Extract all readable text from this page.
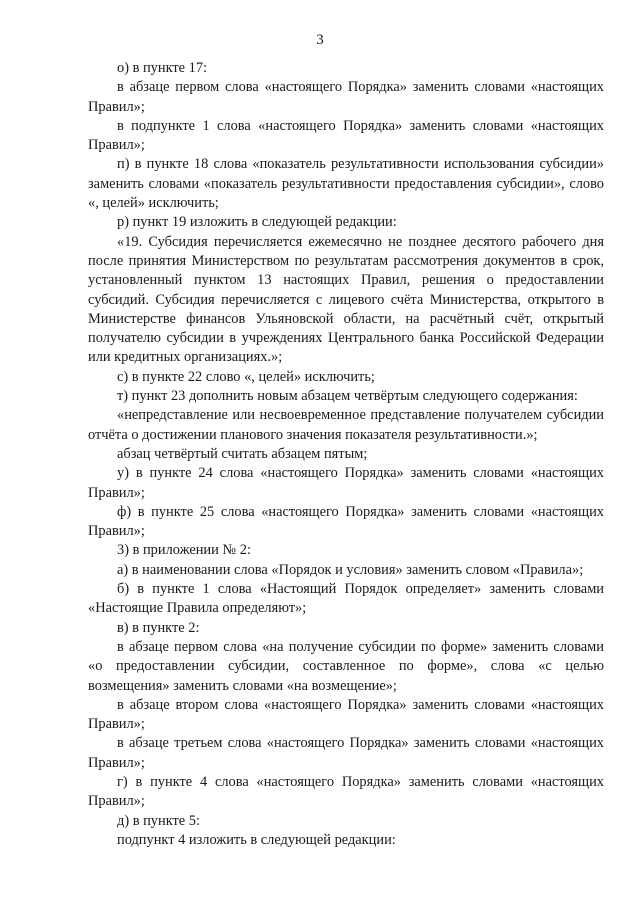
3

о) в пункте 17:

в абзаце первом слова «настоящего Порядка» заменить словами «настоящих Правил»;

в подпункте 1 слова «настоящего Порядка» заменить словами «настоящих Правил»;

п) в пункте 18 слова «показатель результативности использования субсидии» заменить словами «показатель результативности предоставления субсидии», слово «, целей» исключить;

р) пункт 19 изложить в следующей редакции:

«19. Субсидия перечисляется ежемесячно не позднее десятого рабочего дня после принятия Министерством по результатам рассмотрения документов в срок, установленный пунктом 13 настоящих Правил, решения о предоставлении субсидий. Субсидия перечисляется с лицевого счёта Министерства, открытого в Министерстве финансов Ульяновской области, на расчётный счёт, открытый получателю субсидии в учреждениях Центрального банка Российской Федерации или кредитных организациях.»;

с) в пункте 22 слово «, целей» исключить;

т) пункт 23 дополнить новым абзацем четвёртым следующего содержания:

«непредставление или несвоевременное представление получателем субсидии отчёта о достижении планового значения показателя результативности.»;

абзац четвёртый считать абзацем пятым;

у) в пункте 24 слова «настоящего Порядка» заменить словами «настоящих Правил»;

ф) в пункте 25 слова «настоящего Порядка» заменить словами «настоящих Правил»;

3) в приложении № 2:

а) в наименовании слова «Порядок и условия» заменить словом «Правила»;

б) в пункте 1 слова «Настоящий Порядок определяет» заменить словами «Настоящие Правила определяют»;

в) в пункте 2:

в абзаце первом слова «на получение субсидии по форме» заменить словами «о предоставлении субсидии, составленное по форме», слова «с целью возмещения» заменить словами «на возмещение»;

в абзаце втором слова «настоящего Порядка» заменить словами «настоящих Правил»;

в абзаце третьем слова «настоящего Порядка» заменить словами «настоящих Правил»;

г) в пункте 4 слова «настоящего Порядка» заменить словами «настоящих Правил»;

д) в пункте 5:

подпункт 4 изложить в следующей редакции:
